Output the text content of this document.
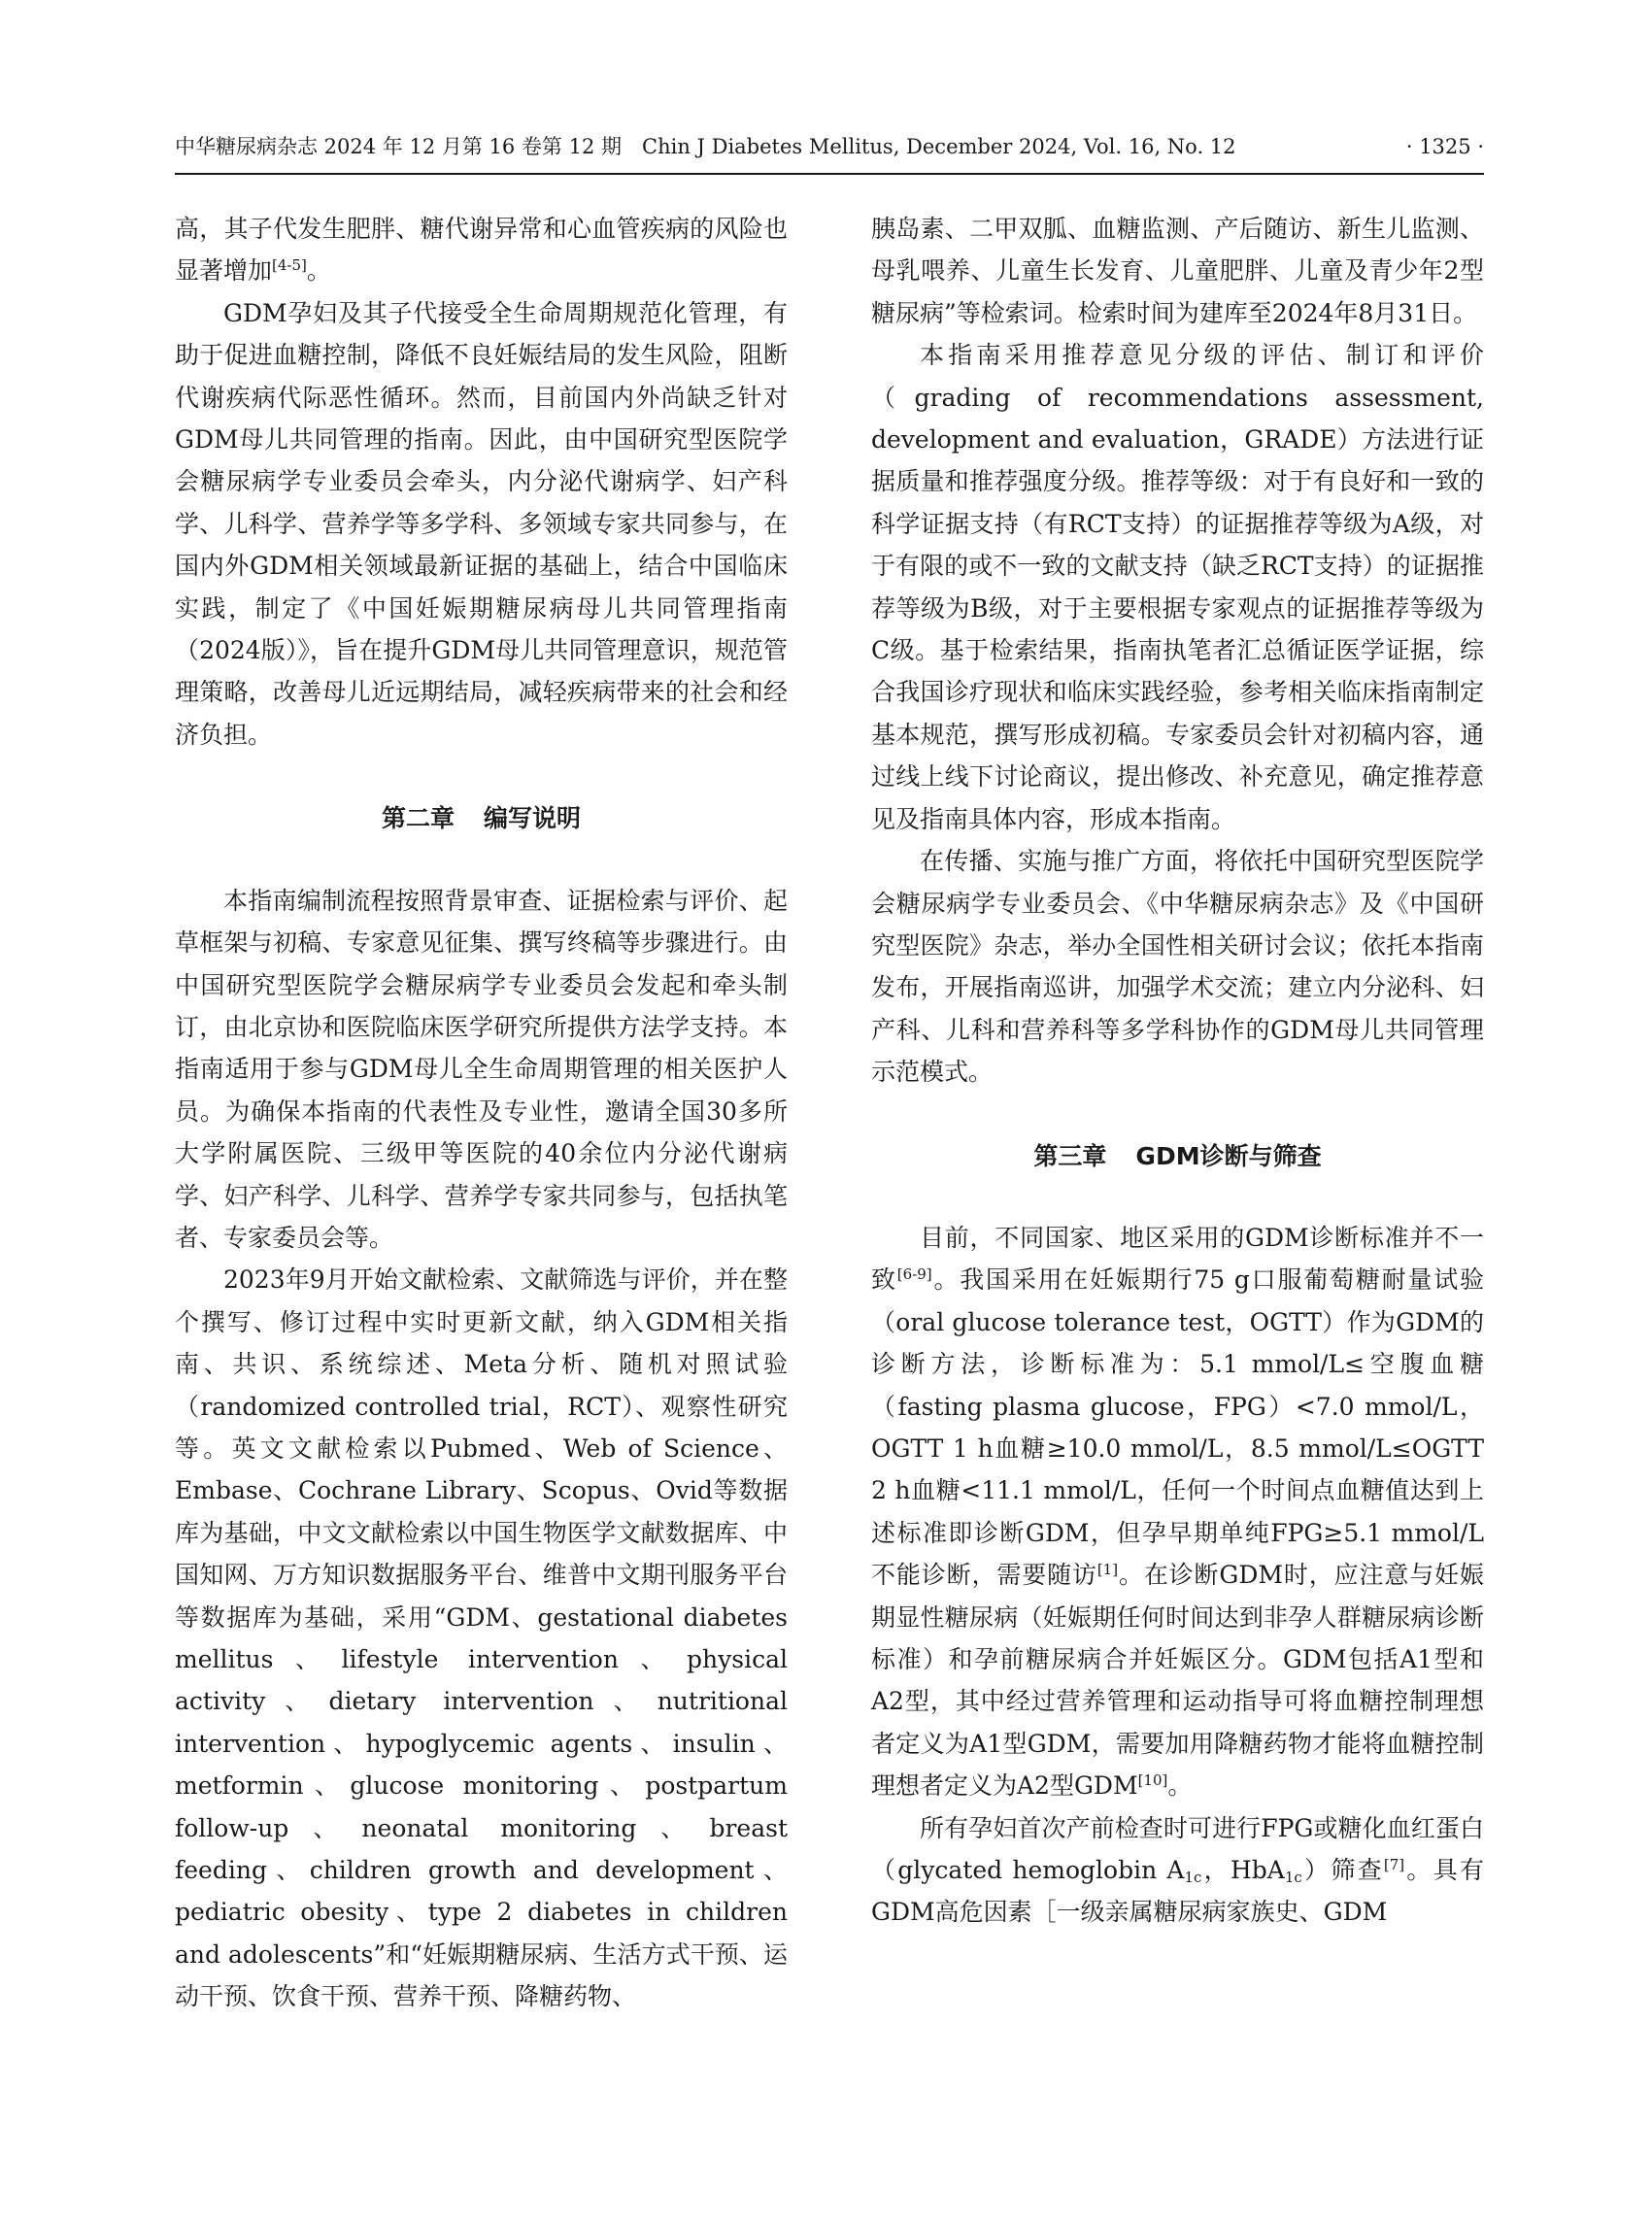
中华糖尿病杂志 2024 年 12 月第 16 卷第 12 期　Chin J Diabetes Mellitus, December 2024, Vol. 16, No. 12	· 1325 ·

高，其子代发生肥胖、糖代谢异常和心血管疾病的风险也显著增加[4-5]。

GDM孕妇及其子代接受全生命周期规范化管理，有助于促进血糖控制，降低不良妊娠结局的发生风险，阻断代谢疾病代际恶性循环。然而，目前国内外尚缺乏针对GDM母儿共同管理的指南。因此，由中国研究型医院学会糖尿病学专业委员会牵头，内分泌代谢病学、妇产科学、儿科学、营养学等多学科、多领域专家共同参与，在国内外GDM相关领域最新证据的基础上，结合中国临床实践，制定了《中国妊娠期糖尿病母儿共同管理指南（2024版）》，旨在提升GDM母儿共同管理意识，规范管理策略，改善母儿近远期结局，减轻疾病带来的社会和经济负担。

第二章 编写说明

本指南编制流程按照背景审查、证据检索与评价、起草框架与初稿、专家意见征集、撰写终稿等步骤进行。由中国研究型医院学会糖尿病学专业委员会发起和牵头制订，由北京协和医院临床医学研究所提供方法学支持。本指南适用于参与GDM母儿全生命周期管理的相关医护人员。为确保本指南的代表性及专业性，邀请全国30多所大学附属医院、三级甲等医院的40余位内分泌代谢病学、妇产科学、儿科学、营养学专家共同参与，包括执笔者、专家委员会等。

2023年9月开始文献检索、文献筛选与评价，并在整个撰写、修订过程中实时更新文献，纳入GDM相关指南、共识、系统综述、Meta分析、随机对照试验（randomized controlled trial，RCT）、观察性研究等。英文文献检索以Pubmed、Web of Science、Embase、Cochrane Library、Scopus、Ovid等数据库为基础，中文文献检索以中国生物医学文献数据库、中国知网、万方知识数据服务平台、维普中文期刊服务平台等数据库为基础，采用“GDM、gestational diabetes mellitus、lifestyle intervention、physical activity、dietary intervention、nutritional intervention、hypoglycemic agents、insulin、metformin、glucose monitoring、postpartum follow-up、neonatal monitoring、breast feeding、children growth and development、pediatric obesity、type 2 diabetes in children and adolescents”和“妊娠期糖尿病、生活方式干预、运动干预、饮食干预、营养干预、降糖药物、

胰岛素、二甲双胍、血糖监测、产后随访、新生儿监测、母乳喂养、儿童生长发育、儿童肥胖、儿童及青少年2型糖尿病”等检索词。检索时间为建库至2024年8月31日。

本指南采用推荐意见分级的评估、制订和评价（grading of recommendations assessment, development and evaluation，GRADE）方法进行证据质量和推荐强度分级。推荐等级：对于有良好和一致的科学证据支持（有RCT支持）的证据推荐等级为A级，对于有限的或不一致的文献支持（缺乏RCT支持）的证据推荐等级为B级，对于主要根据专家观点的证据推荐等级为C级。基于检索结果，指南执笔者汇总循证医学证据，综合我国诊疗现状和临床实践经验，参考相关临床指南制定基本规范，撰写形成初稿。专家委员会针对初稿内容，通过线上线下讨论商议，提出修改、补充意见，确定推荐意见及指南具体内容，形成本指南。

在传播、实施与推广方面，将依托中国研究型医院学会糖尿病学专业委员会、《中华糖尿病杂志》及《中国研究型医院》杂志，举办全国性相关研讨会议；依托本指南发布，开展指南巡讲，加强学术交流；建立内分泌科、妇产科、儿科和营养科等多学科协作的GDM母儿共同管理示范模式。

第三章 GDM诊断与筛查

目前，不同国家、地区采用的GDM诊断标准并不一致[6-9]。我国采用在妊娠期行75 g口服葡萄糖耐量试验（oral glucose tolerance test，OGTT）作为GDM的诊断方法，诊断标准为：5.1 mmol/L≤空腹血糖（fasting plasma glucose，FPG）<7.0 mmol/L，OGTT 1 h血糖≥10.0 mmol/L，8.5 mmol/L≤OGTT 2 h血糖<11.1 mmol/L，任何一个时间点血糖值达到上述标准即诊断GDM，但孕早期单纯FPG≥5.1 mmol/L不能诊断，需要随访[1]。在诊断GDM时，应注意与妊娠期显性糖尿病（妊娠期任何时间达到非孕人群糖尿病诊断标准）和孕前糖尿病合并妊娠区分。GDM包括A1型和A2型，其中经过营养管理和运动指导可将血糖控制理想者定义为A1型GDM，需要加用降糖药物才能将血糖控制理想者定义为A2型GDM[10]。

所有孕妇首次产前检查时可进行FPG或糖化血红蛋白（glycated hemoglobin $A_{1c}$，HbA$_{1c}$）筛查[7]。具有GDM高危因素［一级亲属糖尿病家族史、GDM
